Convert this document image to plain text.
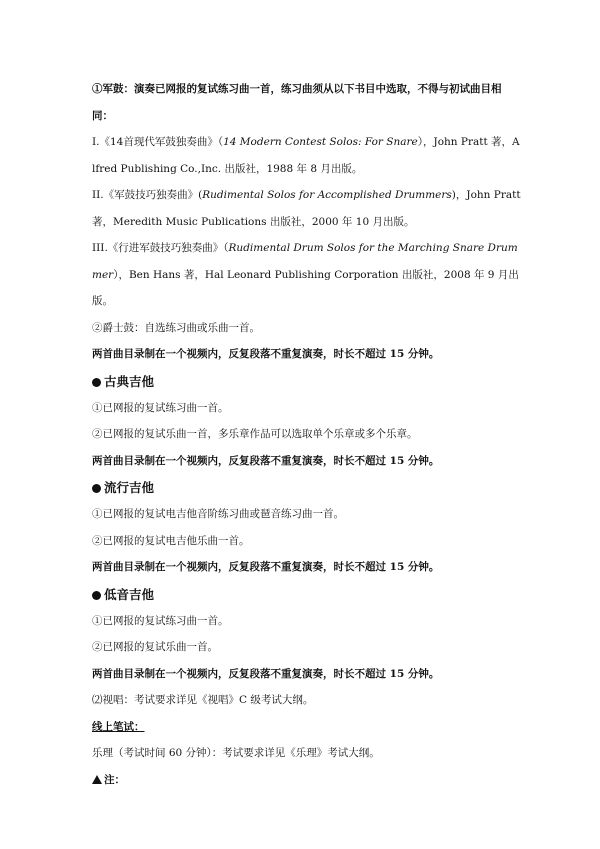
①军鼓：演奏已网报的复试练习曲一首，练习曲须从以下书目中选取，不得与初试曲目相同：

I.《14首现代军鼓独奏曲》（14 Modern Contest Solos: For Snare），John Pratt 著，Alfred Publishing Co.,Inc. 出版社，1988 年 8 月出版。

II.《军鼓技巧独奏曲》(Rudimental Solos for Accomplished Drummers)，John Pratt 著，Meredith Music Publications 出版社，2000 年 10 月出版。

III.《行进军鼓技巧独奏曲》（Rudimental Drum Solos for the Marching Snare Drummer），Ben Hans 著，Hal Leonard Publishing Corporation 出版社，2008 年 9 月出版。

②爵士鼓：自选练习曲或乐曲一首。

两首曲目录制在一个视频内，反复段落不重复演奏，时长不超过 15 分钟。

古典吉他

①已网报的复试练习曲一首。

②已网报的复试乐曲一首，多乐章作品可以选取单个乐章或多个乐章。

两首曲目录制在一个视频内，反复段落不重复演奏，时长不超过 15 分钟。

流行吉他

①已网报的复试电吉他音阶练习曲或琶音练习曲一首。

②已网报的复试电吉他乐曲一首。

两首曲目录制在一个视频内，反复段落不重复演奏，时长不超过 15 分钟。

低音吉他

①已网报的复试练习曲一首。

②已网报的复试乐曲一首。

两首曲目录制在一个视频内，反复段落不重复演奏，时长不超过 15 分钟。

⑵视唱：考试要求详见《视唱》C 级考试大纲。

线上笔试：

乐理（考试时间 60 分钟）：考试要求详见《乐理》考试大纲。

注：
